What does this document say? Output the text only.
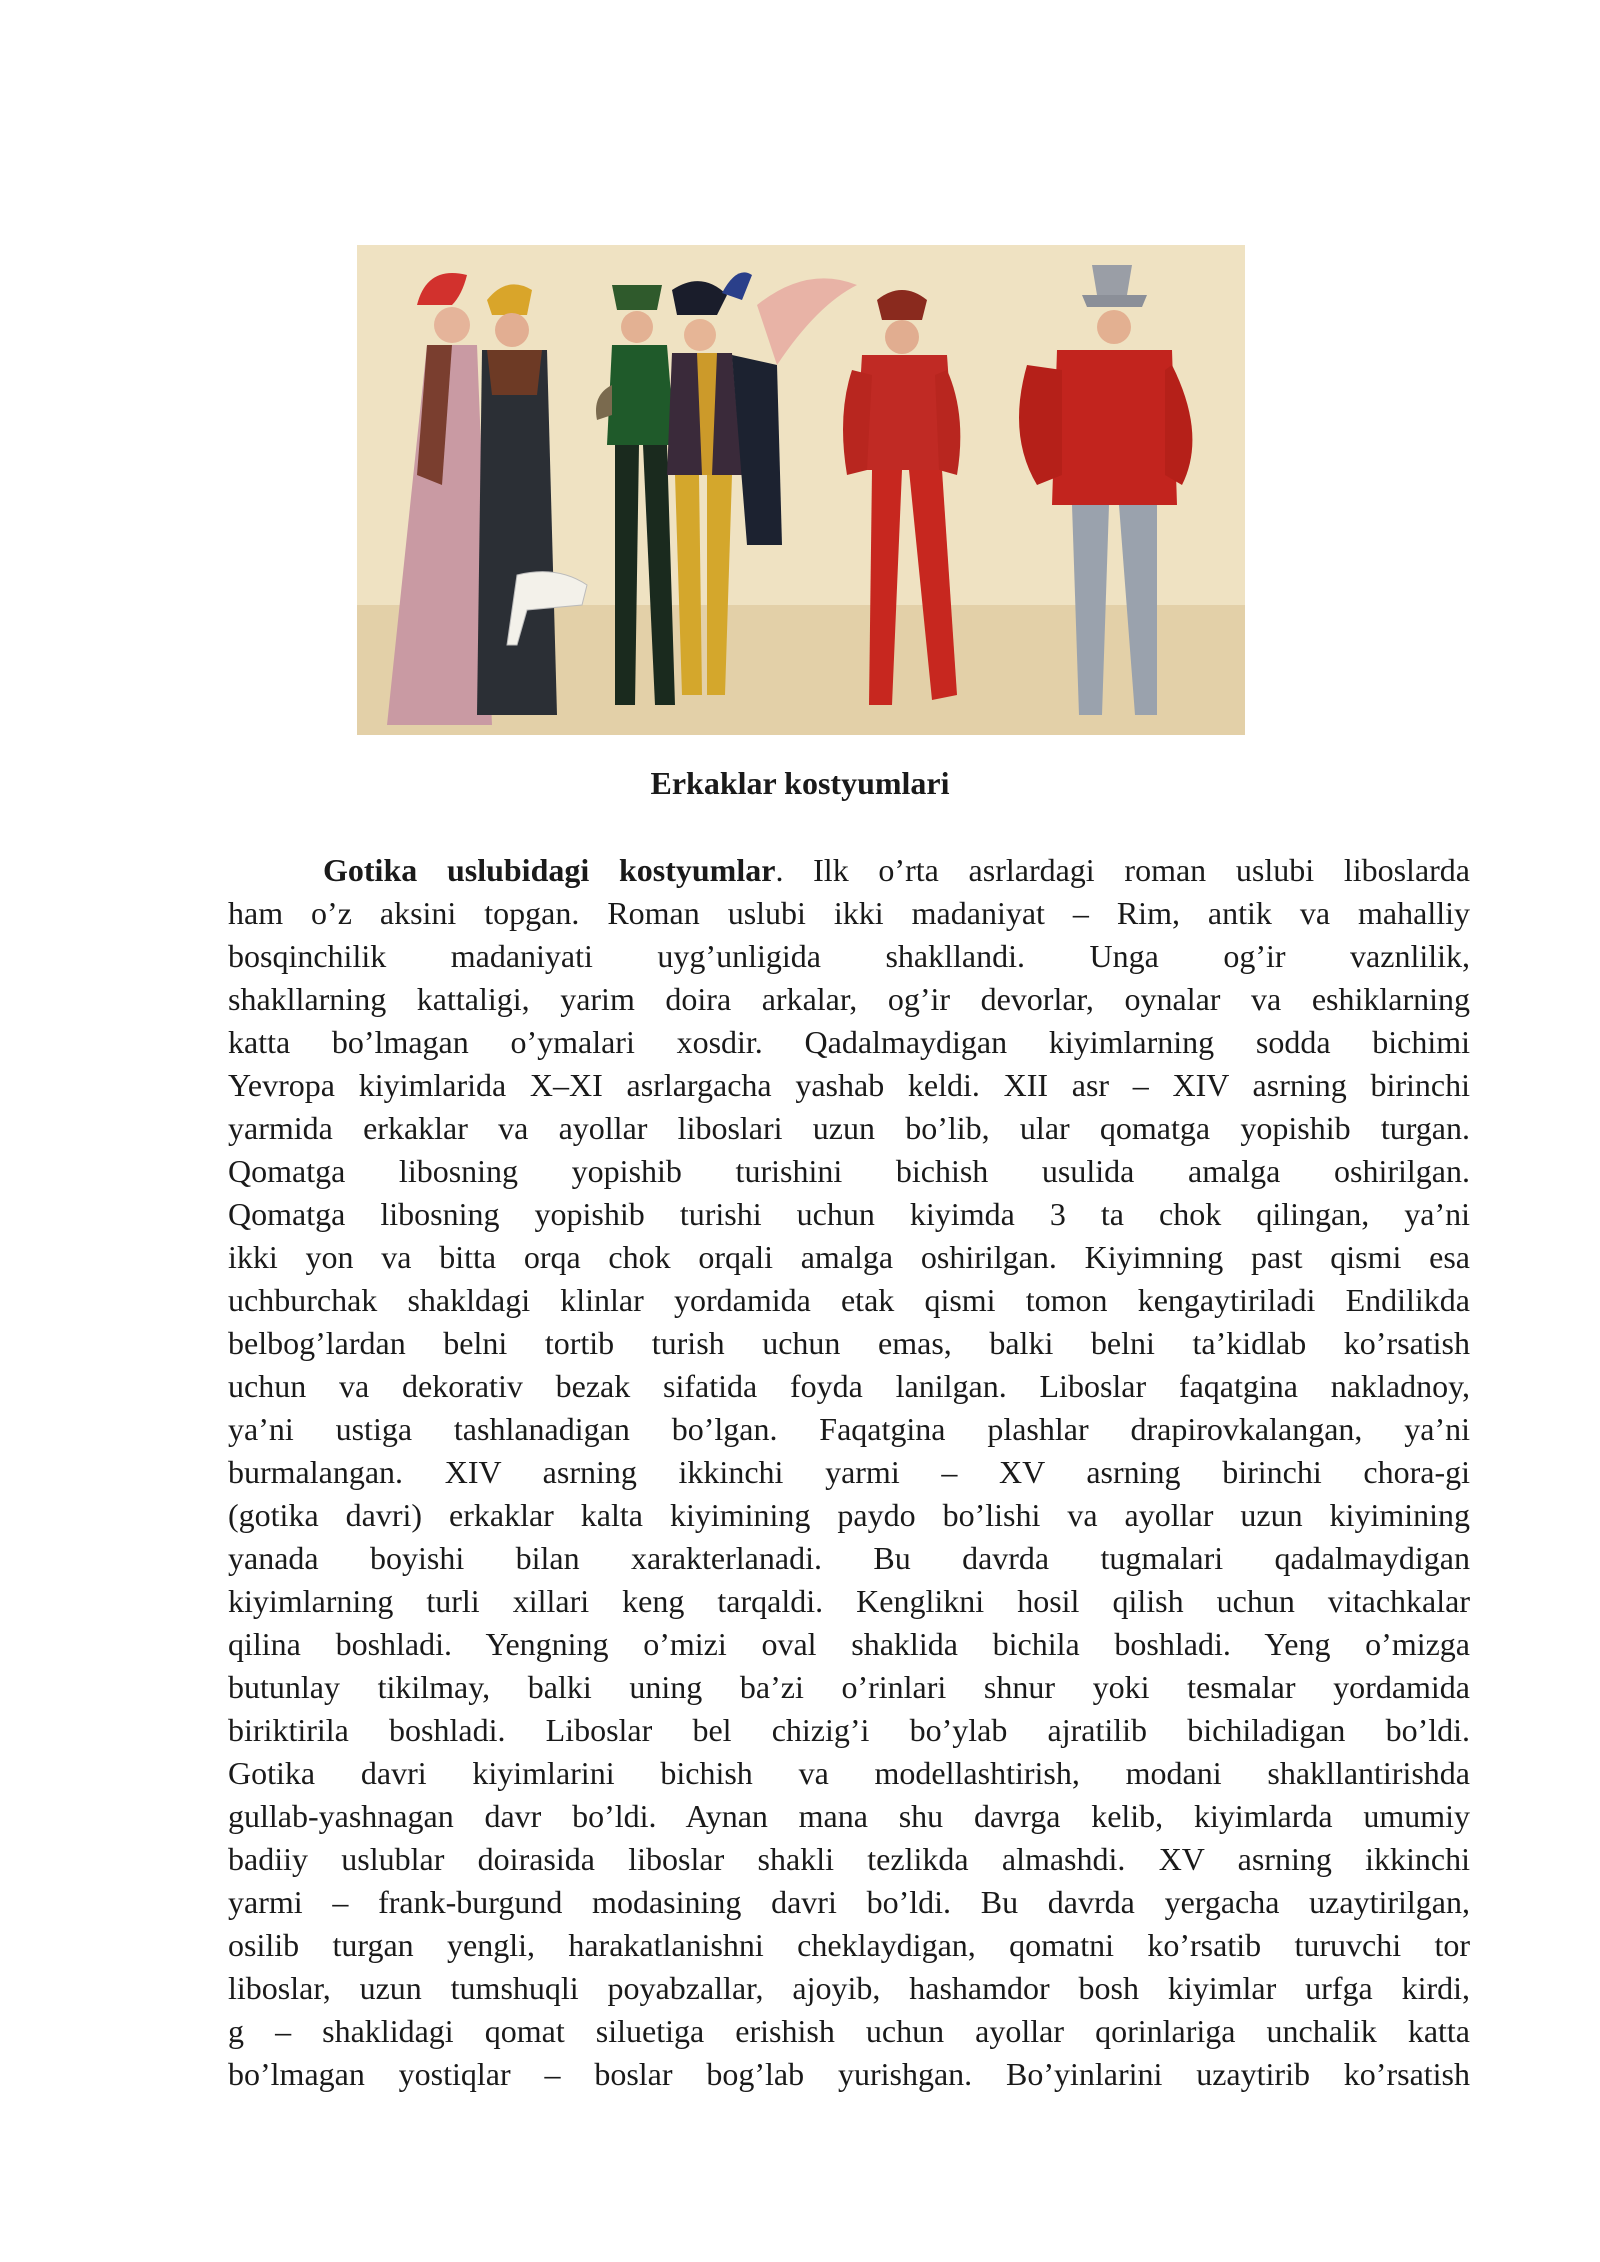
Erkaklar kostyumlari
Gotika uslubidagi kostyumlar. Ilk o’rta asrlardagi roman uslubi liboslarda
ham o’z aksini topgan. Roman uslubi ikki madaniyat – Rim, antik va mahalliy
bosqinchilik madaniyati uyg’unligida shakllandi. Unga og’ir vaznlilik,
shakllarning kattaligi, yarim doira arkalar, og’ir devorlar, oynalar va eshiklarning
katta bo’lmagan o’ymalari xosdir. Qadalmaydigan kiyimlarning sodda bichimi
Yevropa kiyimlarida X–XI asrlargacha yashab keldi. XII asr – XIV asrning birinchi
yarmida erkaklar va ayollar liboslari uzun bo’lib, ular qomatga yopishib turgan.
Qomatga libosning yopishib turishini bichish usulida amalga oshirilgan.
Qomatga libosning yopishib turishi uchun kiyimda 3 ta chok qilingan, ya’ni
ikki yon va bitta orqa chok orqali amalga oshirilgan. Kiyimning past qismi esa
uchburchak shakldagi klinlar yordamida etak qismi tomon kengaytiriladi Endilikda
belbog’lardan belni tortib turish uchun emas, balki belni ta’kidlab ko’rsatish
uchun va dekorativ bezak sifatida foyda lanilgan. Liboslar faqatgina nakladnoy,
ya’ni ustiga tashlanadigan bo’lgan. Faqatgina plashlar drapirovkalangan, ya’ni
burmalangan. XIV asrning ikkinchi yarmi – XV asrning birinchi chora-gi
(gotika davri) erkaklar kalta kiyimining paydo bo’lishi va ayollar uzun kiyimining
yanada boyishi bilan xarakterlanadi. Bu davrda tugmalari qadalmaydigan
kiyimlarning turli xillari keng tarqaldi. Kenglikni hosil qilish uchun vitachkalar
qilina boshladi. Yengning o’mizi oval shaklida bichila boshladi. Yeng o’mizga
butunlay tikilmay, balki uning ba’zi o’rinlari shnur yoki tesmalar yordamida
biriktirila boshladi. Liboslar bel chizig’i bo’ylab ajratilib bichiladigan bo’ldi.
Gotika davri kiyimlarini bichish va modellashtirish, modani shakllantirishda
gullab-yashnagan davr bo’ldi. Aynan mana shu davrga kelib, kiyimlarda umumiy
badiiy uslublar doirasida liboslar shakli tezlikda almashdi. XV asrning ikkinchi
yarmi – frank-burgund modasining davri bo’ldi. Bu davrda yergacha uzaytirilgan,
osilib turgan yengli, harakatlanishni cheklaydigan, qomatni ko’rsatib turuvchi tor
liboslar, uzun tumshuqli poyabzallar, ajoyib, hashamdor bosh kiyimlar urfga kirdi,
g – shaklidagi qomat siluetiga erishish uchun ayollar qorinlariga unchalik katta
bo’lmagan yostiqlar – boslar bog’lab yurishgan. Bo’yinlarini uzaytirib ko’rsatish
